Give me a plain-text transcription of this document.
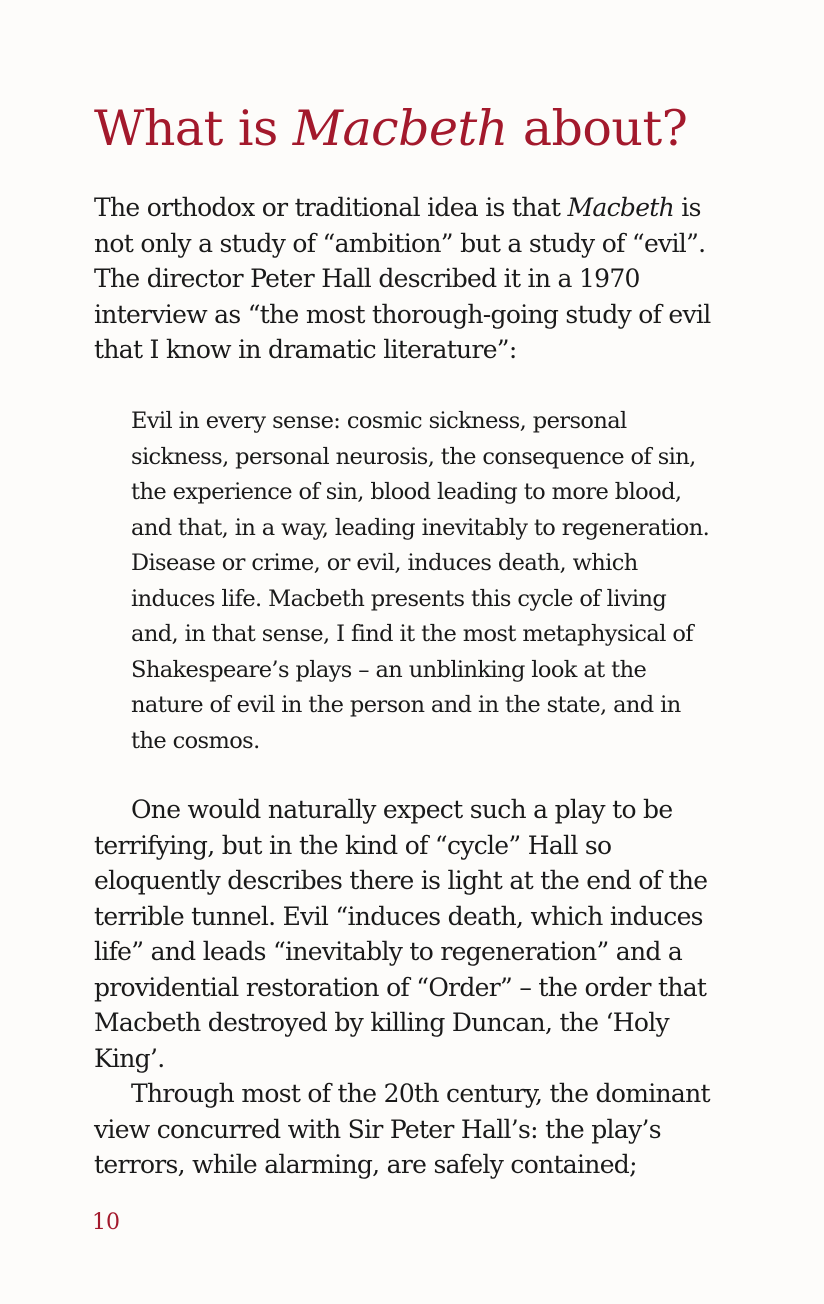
What is Macbeth about?

The orthodox or traditional idea is that Macbeth is not only a study of “ambition” but a study of “evil”. The director Peter Hall described it in a 1970 interview as “the most thorough-going study of evil that I know in dramatic literature”:

Evil in every sense: cosmic sickness, personal sickness, personal neurosis, the consequence of sin, the experience of sin, blood leading to more blood, and that, in a way, leading inevitably to regeneration. Disease or crime, or evil, induces death, which induces life. Macbeth presents this cycle of living and, in that sense, I find it the most metaphysical of Shakespeare’s plays – an unblinking look at the nature of evil in the person and in the state, and in the cosmos.

One would naturally expect such a play to be terrifying, but in the kind of “cycle” Hall so eloquently describes there is light at the end of the terrible tunnel. Evil “induces death, which induces life” and leads “inevitably to regeneration” and a providential restoration of “Order” – the order that Macbeth destroyed by killing Duncan, the ‘Holy King’.

Through most of the 20th century, the dominant view concurred with Sir Peter Hall’s: the play’s terrors, while alarming, are safely contained;

10
